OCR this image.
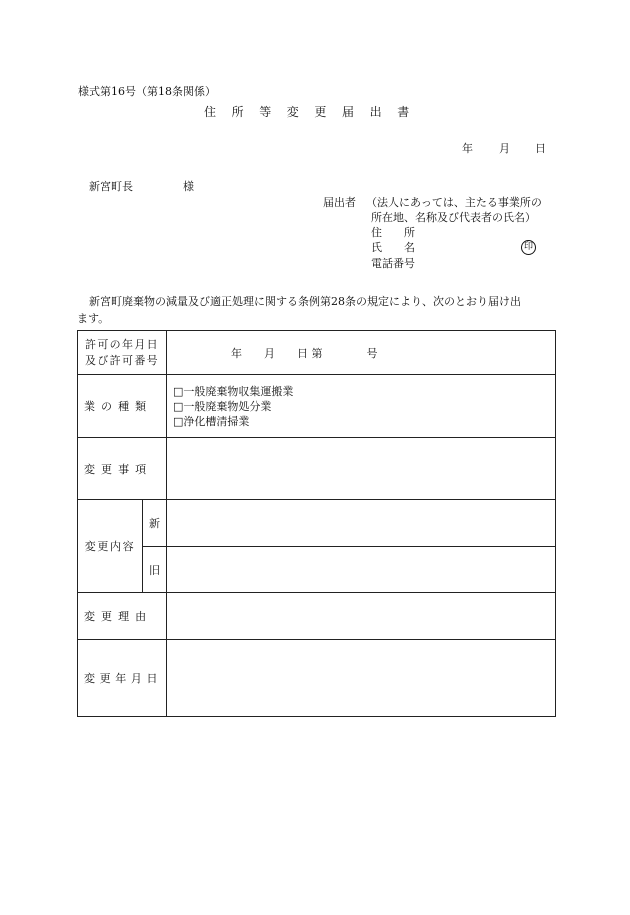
様式第16号（第18条関係）
住所等変更届出書
年 月 日
新宮町長	様
届出者 （法人にあっては、主たる事業所の
所在地、名称及び代表者の氏名）
住　　所
氏　　名	印
電話番号
新宮町廃棄物の減量及び適正処理に関する条例第28条の規定により、次のとおり届け出
ます。
許可の年月日
及び許可番号		年　　月　　日 第　　　　号
業の種類		□一般廃棄物収集運搬業
□一般廃棄物処分業
□浄化槽清掃業

変更事項		
変更内容	新	
	旧	
変更理由		
変更年月日		
